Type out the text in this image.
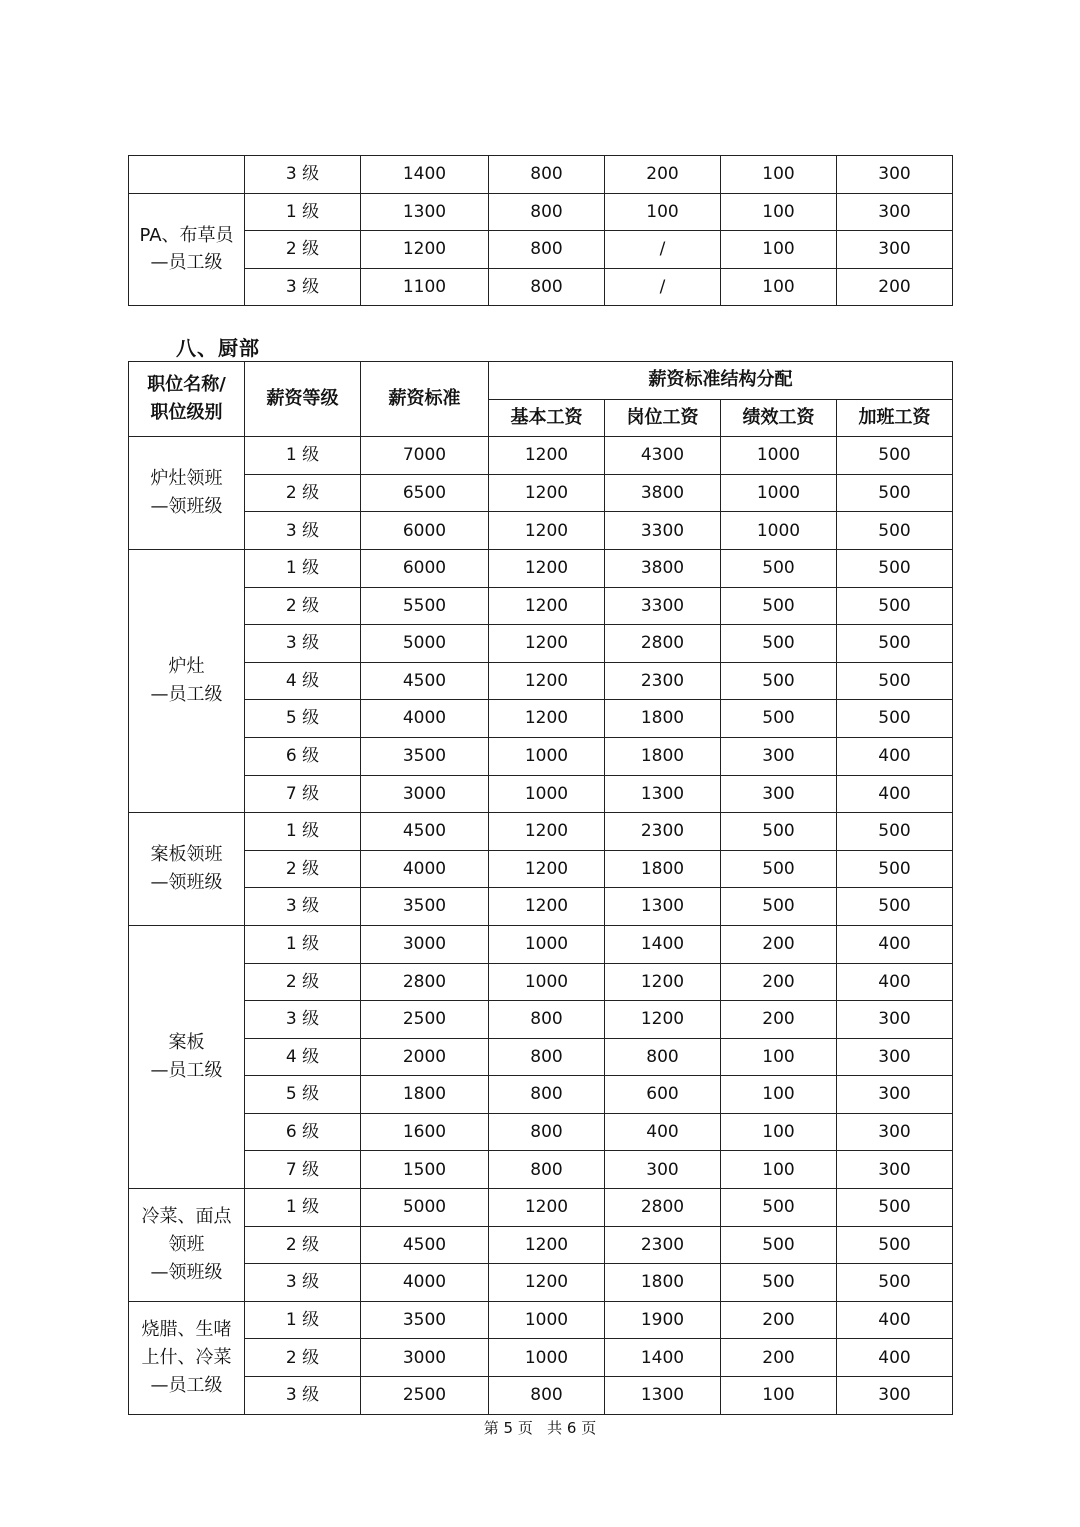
	3 级	1400	800	200	100	300

PA、布草员
—员工级	1 级	1300	800	100	100	300
	2 级	1200	800	/	100	300
	3 级	1100	800	/	100	200
八、厨部
职位名称/
职位级别	薪资等级	薪资标准	薪资标准结构分配			
			基本工资	岗位工资	绩效工资	加班工资

炉灶领班
—领班级	1 级	7000	1200	4300	1000	500
	2 级	6500	1200	3800	1000	500
	3 级	6000	1200	3300	1000	500

炉灶
—员工级	1 级	6000	1200	3800	500	500
	2 级	5500	1200	3300	500	500
	3 级	5000	1200	2800	500	500
	4 级	4500	1200	2300	500	500
	5 级	4000	1200	1800	500	500
	6 级	3500	1000	1800	300	400
	7 级	3000	1000	1300	300	400

案板领班
—领班级	1 级	4500	1200	2300	500	500
	2 级	4000	1200	1800	500	500
	3 级	3500	1200	1300	500	500

案板
—员工级	1 级	3000	1000	1400	200	400
	2 级	2800	1000	1200	200	400
	3 级	2500	800	1200	200	300
	4 级	2000	800	800	100	300
	5 级	1800	800	600	100	300
	6 级	1600	800	400	100	300
	7 级	1500	800	300	100	300

冷菜、面点
领班
—领班级	1 级	5000	1200	2800	500	500
	2 级	4500	1200	2300	500	500
	3 级	4000	1200	1800	500	500

烧腊、生啫
上什、冷菜
—员工级	1 级	3500	1000	1900	200	400
	2 级	3000	1000	1400	200	400
	3 级	2500	800	1300	100	300
第 5 页 共 6 页
